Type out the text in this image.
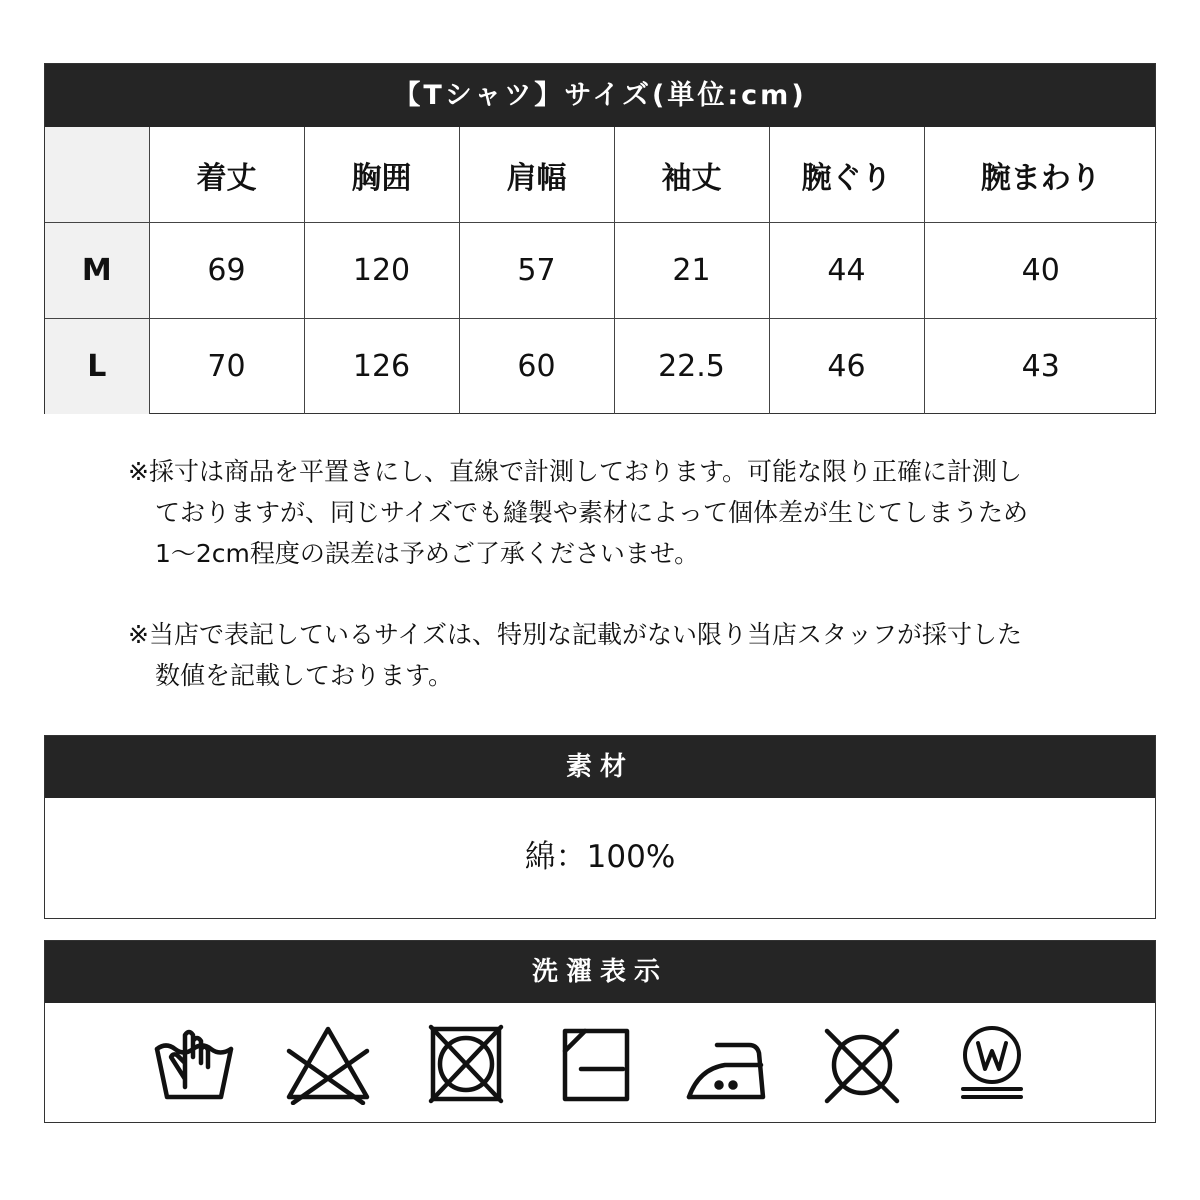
【Tシャツ】サイズ(単位:cm)
	着丈	胸囲	肩幅	袖丈	腕ぐり	腕まわり
M	69	120	57	21	44	40
L	70	126	60	22.5	46	43
※採寸は商品を平置きにし、直線で計測しております。可能な限り正確に計測し
ておりますが、同じサイズでも縫製や素材によって個体差が生じてしまうため
1～2cm程度の誤差は予めご了承くださいませ。
※当店で表記しているサイズは、特別な記載がない限り当店スタッフが採寸した
数値を記載しております。
素材
綿：100%
洗濯表示
